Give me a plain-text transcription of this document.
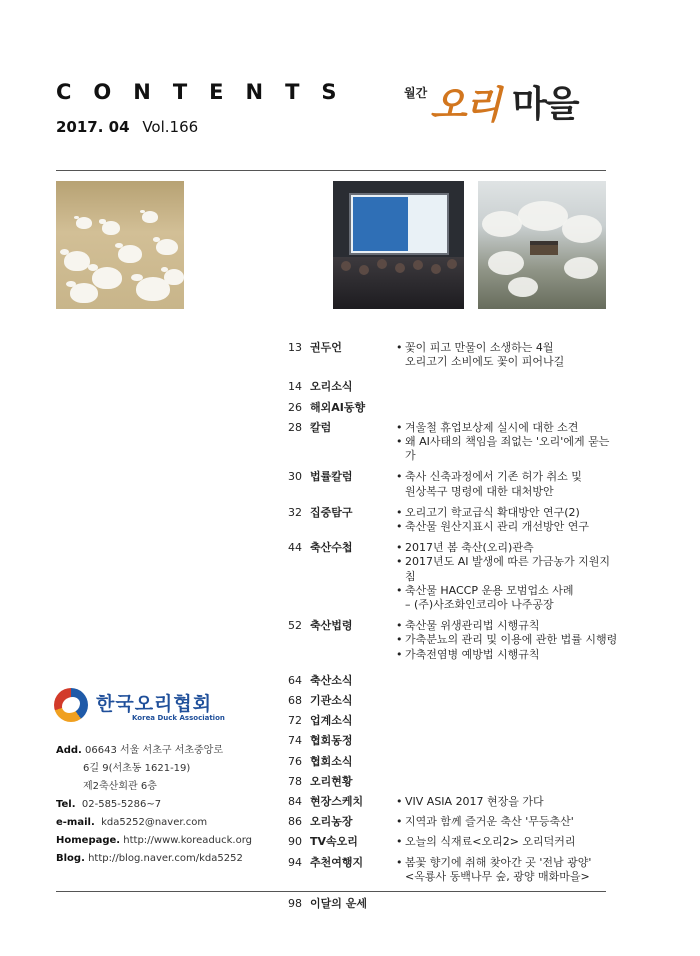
CONTENTS
2017. 04 Vol.166
월간 오리 마을
13 권두언	• 꽃이 피고 만물이 소생하는 4월
오리고기 소비에도 꽃이 피어나길
14 오리소식
26 해외AI동향
28 칼럼	• 겨울철 휴업보상제 실시에 대한 소견
• 왜 AI사태의 책임을 죄없는 '오리'에게 묻는가
30 법률칼럼	• 축사 신축과정에서 기존 허가 취소 및
원상복구 명령에 대한 대처방안
32 집중탐구	• 오리고기 학교급식 확대방안 연구(2)
• 축산물 원산지표시 관리 개선방안 연구
44 축산수첩	• 2017년 봄 축산(오리)관측
• 2017년도 AI 발생에 따른 가금농가 지원지침
• 축산물 HACCP 운용 모범업소 사례
– (주)사조화인코리아 나주공장
52 축산법령	• 축산물 위생관리법 시행규칙
• 가축분뇨의 관리 및 이용에 관한 법률 시행령
• 가축전염병 예방법 시행규칙
64 축산소식
68 기관소식
72 업계소식
74 협회동정
76 협회소식
78 오리현황
84 현장스케치	• VIV ASIA 2017 현장을 가다
86 오리농장	• 지역과 함께 즐거운 축산 '무등축산'
90 TV속오리	• 오늘의 식재료<오리2> 오리덕커리
94 추천여행지	• 봄꽃 향기에 취해 찾아간 곳 '전남 광양'
<옥룡사 동백나무 숲, 광양 매화마을>
98 이달의 운세
한국오리협회
Korea Duck Association
Add. 06643 서울 서초구 서초중앙로
6길 9(서초동 1621-19)
제2축산회관 6층
Tel. 02-585-5286~7
e-mail. kda5252@naver.com
Homepage. http://www.koreaduck.org
Blog. http://blog.naver.com/kda5252
